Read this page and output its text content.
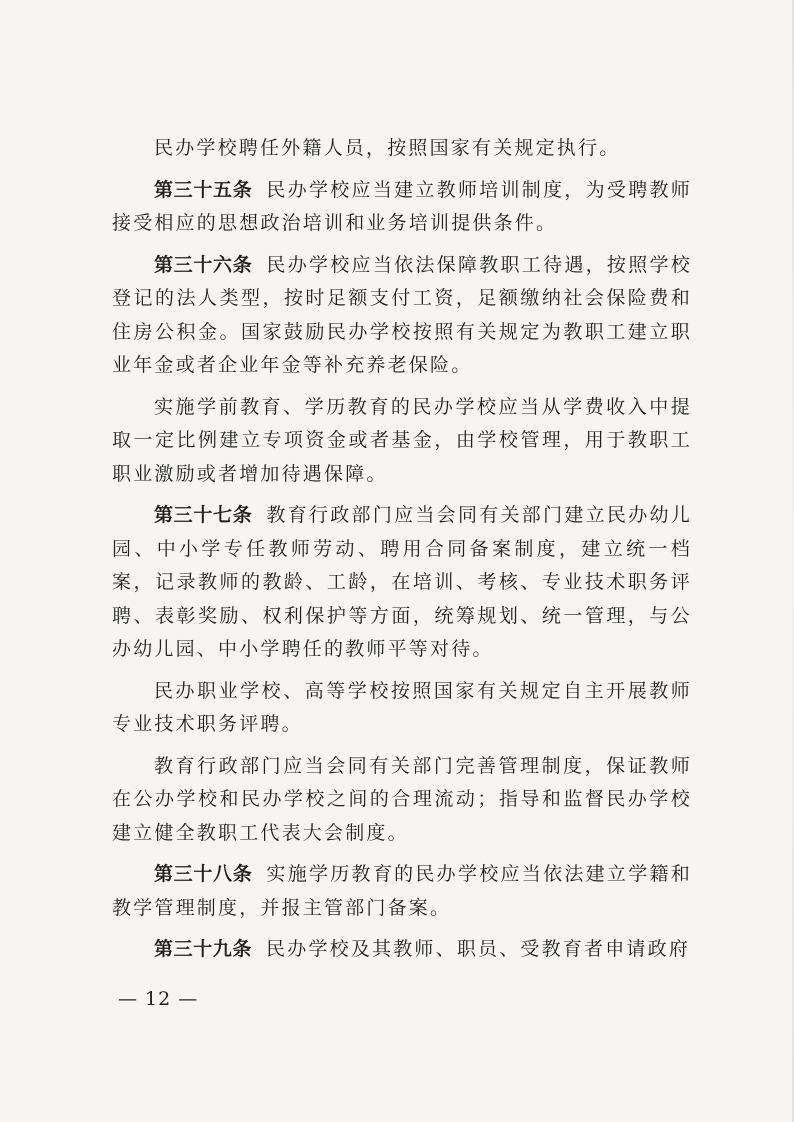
民办学校聘任外籍人员，按照国家有关规定执行。

第三十五条 民办学校应当建立教师培训制度，为受聘教师接受相应的思想政治培训和业务培训提供条件。

第三十六条 民办学校应当依法保障教职工待遇，按照学校登记的法人类型，按时足额支付工资，足额缴纳社会保险费和住房公积金。国家鼓励民办学校按照有关规定为教职工建立职业年金或者企业年金等补充养老保险。

实施学前教育、学历教育的民办学校应当从学费收入中提取一定比例建立专项资金或者基金，由学校管理，用于教职工职业激励或者增加待遇保障。

第三十七条 教育行政部门应当会同有关部门建立民办幼儿园、中小学专任教师劳动、聘用合同备案制度，建立统一档案，记录教师的教龄、工龄，在培训、考核、专业技术职务评聘、表彰奖励、权利保护等方面，统筹规划、统一管理，与公办幼儿园、中小学聘任的教师平等对待。

民办职业学校、高等学校按照国家有关规定自主开展教师专业技术职务评聘。

教育行政部门应当会同有关部门完善管理制度，保证教师在公办学校和民办学校之间的合理流动；指导和监督民办学校建立健全教职工代表大会制度。

第三十八条 实施学历教育的民办学校应当依法建立学籍和教学管理制度，并报主管部门备案。

第三十九条 民办学校及其教师、职员、受教育者申请政府

— 12 —
